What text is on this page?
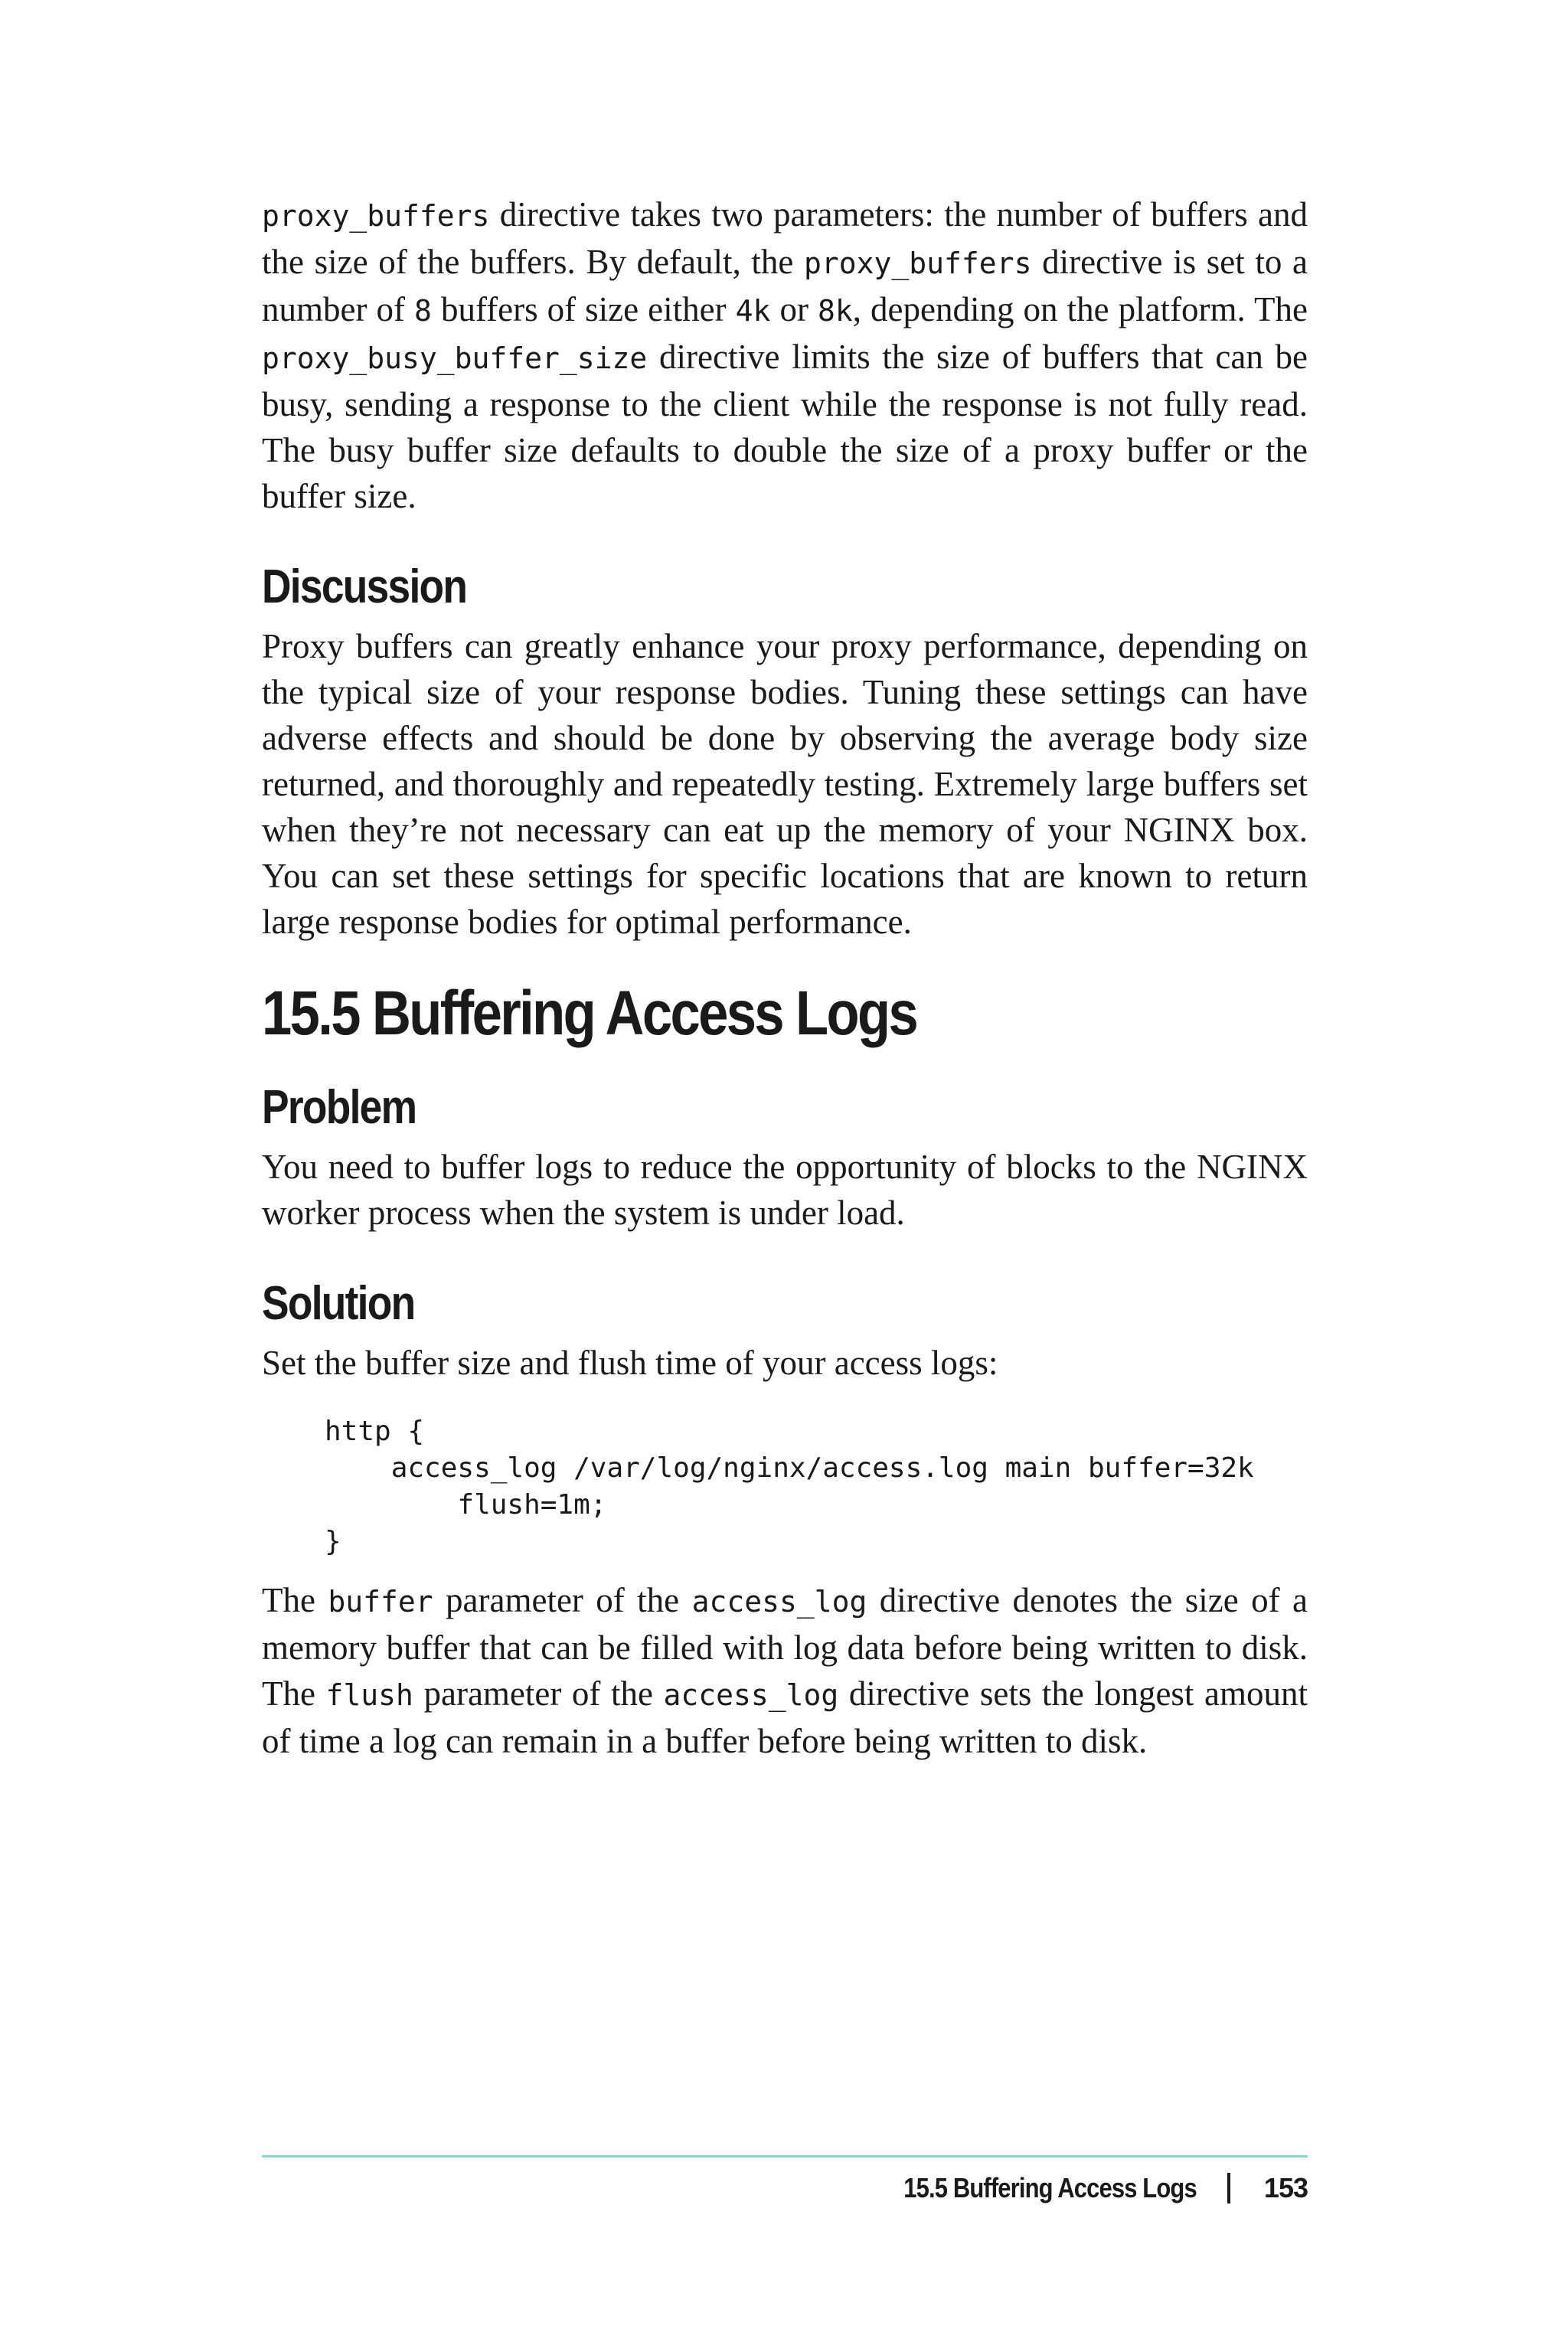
proxy_buffers directive takes two parameters: the number of buffers and the size of the buffers. By default, the proxy_buffers directive is set to a number of 8 buffers of size either 4k or 8k, depending on the platform. The proxy_busy_buffer_size directive limits the size of buffers that can be busy, sending a response to the client while the response is not fully read. The busy buffer size defaults to double the size of a proxy buffer or the buffer size.

Discussion

Proxy buffers can greatly enhance your proxy performance, depending on the typical size of your response bodies. Tuning these settings can have adverse effects and should be done by observing the average body size returned, and thoroughly and repeatedly testing. Extremely large buffers set when they’re not necessary can eat up the memory of your NGINX box. You can set these settings for specific locations that are known to return large response bodies for optimal performance.

15.5 Buffering Access Logs
Problem

You need to buffer logs to reduce the opportunity of blocks to the NGINX worker process when the system is under load.

Solution

Set the buffer size and flush time of your access logs:

http {
access_log /var/log/nginx/access.log main buffer=32k
flush=1m;
}

The buffer parameter of the access_log directive denotes the size of a memory buffer that can be filled with log data before being written to disk. The flush parameter of the access_log directive sets the longest amount of time a log can remain in a buffer before being written to disk.

15.5 Buffering Access Logs 153
